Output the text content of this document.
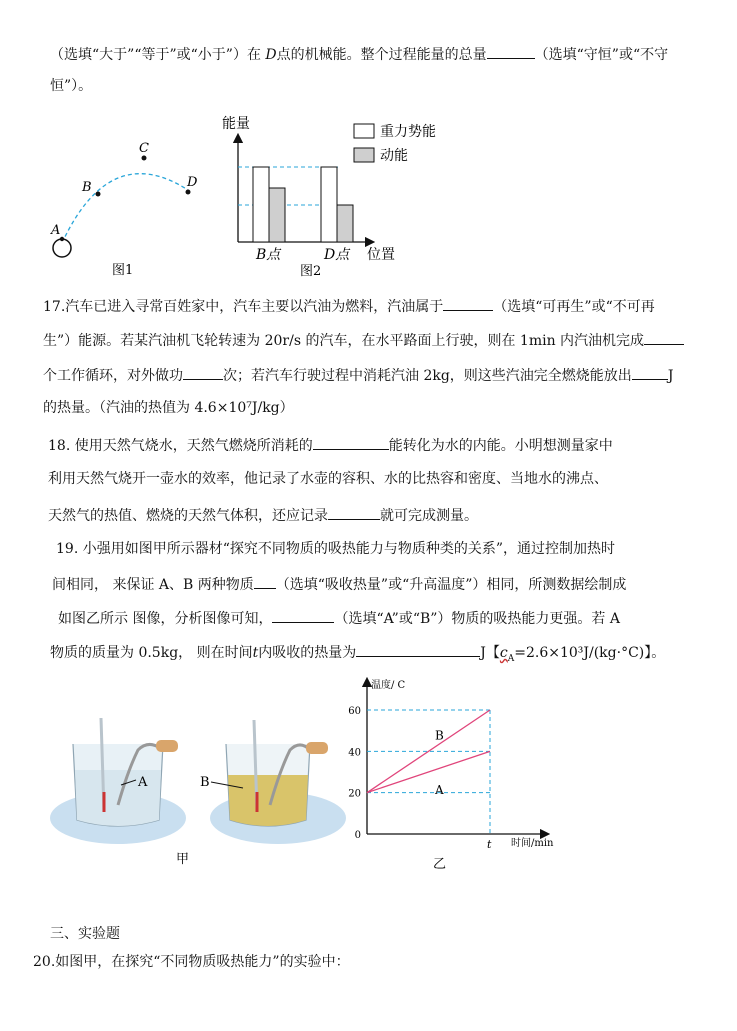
（选填“大于”“等于”或“小于”）在 D点的机械能。整个过程能量的总量	（选填“守恒”或“不守
恒”）。
17.汽车已进入寻常百姓家中，汽车主要以汽油为燃料，汽油属于	（选填“可再生”或“不可再
生”）能源。若某汽油机飞轮转速为 20r/s 的汽车，在水平路面上行驶，则在 1min 内汽油机完成
个工作循环，对外做功	次；若汽车行驶过程中消耗汽油 2kg，则这些汽油完全燃烧能放出	J
的热量。（汽油的热值为 4.6×10⁷J/kg）
18. 使用天然气烧水，天然气燃烧所消耗的	能转化为水的内能。小明想测量家中
利用天然气烧开一壶水的效率，他记录了水壶的容积、水的比热容和密度、当地水的沸点、
天然气的热值、燃烧的天然气体积，还应记录	就可完成测量。
19. 小强用如图甲所示器材“探究不同物质的吸热能力与物质种类的关系”，通过控制加热时
间相同， 来保证 A、B 两种物质 （选填“吸收热量”或“升高温度”）相同，所测数据绘制成
如图乙所示 图像，分析图像可知，	（选填“A”或“B”）物质的吸热能力更强。若 A
物质的质量为 0.5kg， 则在时间t内吸收的热量为	J【$c_A=2.6\times 10^3J/(kg\cdot^\circ C)$】。
三、实验题
20.如图甲，在探究“不同物质吸热能力”的实验中：
A
B
C
D
图1
能量	重力势能
动能
B点	D点 位置
图2
A	B
甲
温度/ C
时间/min
0
20
40
60
t
B
A
乙
